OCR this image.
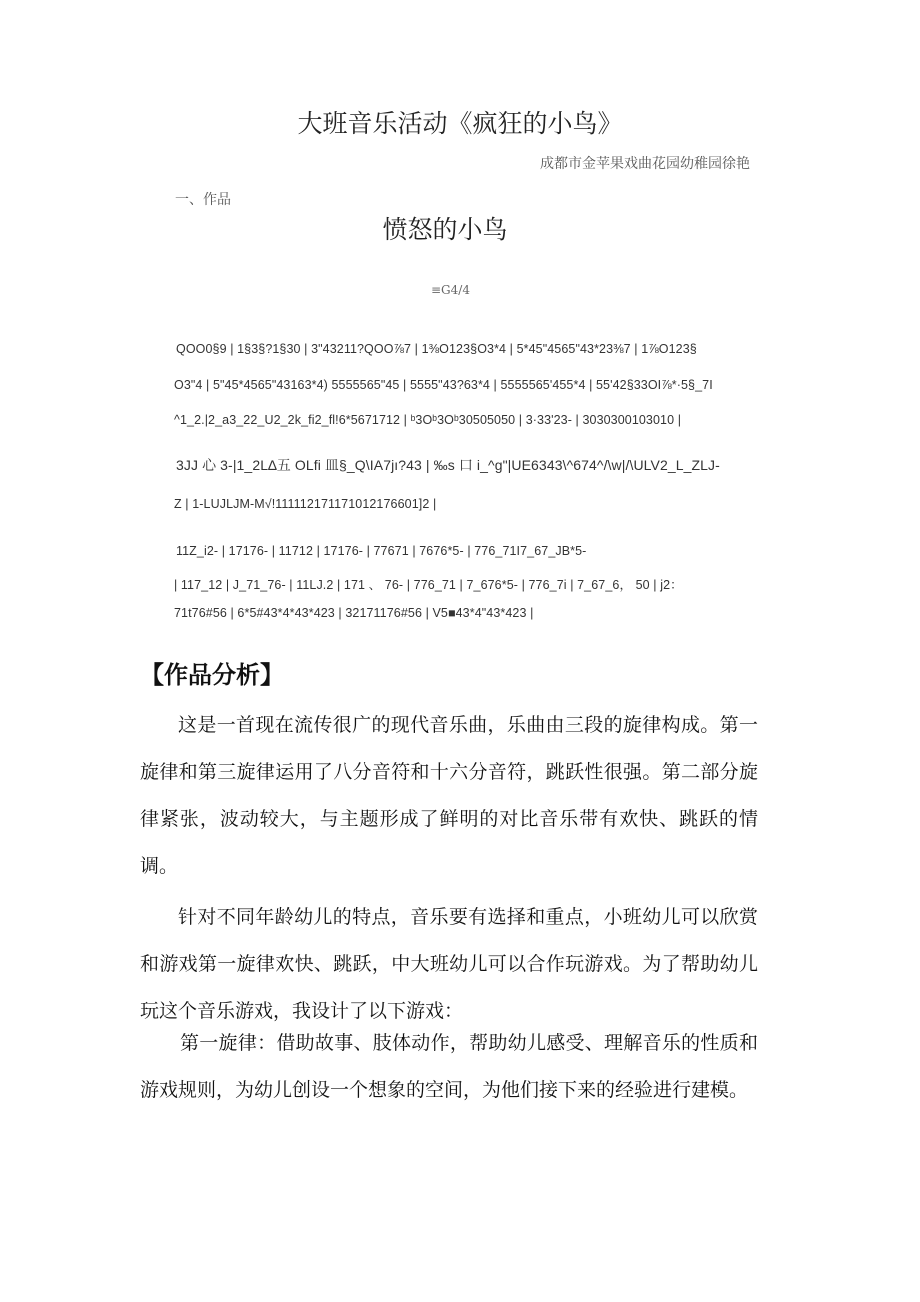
大班音乐活动《疯狂的小鸟》
成都市金苹果戏曲花园幼稚园徐艳
一、作品
愤怒的小鸟
≡G4/4
QOO0§9 | 1§3§?1§30 | 3"43211?QOO⅞7 | 1⅜O123§O3*4 | 5*45"4565"43*23⅜7 | 1⅞O123§
O3"4 | 5"45*4565"43163*4) 5555565"45 | 5555"43?63*4 | 5555565'455*4 | 55'42§33OI⅞*·5§_7I
^1_2.|2_a3_22_U2_2k_fi2_fl!6*5671712 | ᵇ3Oᵇ3Oᵇ30505050 | 3·33'23- | 3030300103010 |
3JJ 心 3-|1_2L∆五 OLfi 皿§_Q\IA7jı?43 | ‰s 口 i_^g"|UE6343\^674^/\w|/\ULV2_L_ZLJ-
Z | 1-LUJLJM-M√!111112171171012176601]2 |
11Z_i2- | 17176- | 11712 | 17176- | 77671 | 7676*5- | 776_71I7_67_JB*5-
| 117_12 | J_71_76- | 11LJ.2 | 171 、 76- | 776_71 | 7_676*5- | 776_7i | 7_67_6， 50 | j2：
71t76#56 | 6*5#43*4*43*423 | 32171176#56 | V5■43*4"43*423 |
【作品分析】
这是一首现在流传很广的现代音乐曲，乐曲由三段的旋律构成。第一旋律和第三旋律运用了八分音符和十六分音符，跳跃性很强。第二部分旋律紧张，波动较大，与主题形成了鲜明的对比音乐带有欢快、跳跃的情调。
针对不同年龄幼儿的特点，音乐要有选择和重点，小班幼儿可以欣赏和游戏第一旋律欢快、跳跃，中大班幼儿可以合作玩游戏。为了帮助幼儿玩这个音乐游戏，我设计了以下游戏：
第一旋律：借助故事、肢体动作，帮助幼儿感受、理解音乐的性质和游戏规则，为幼儿创设一个想象的空间，为他们接下来的经验进行建模。
